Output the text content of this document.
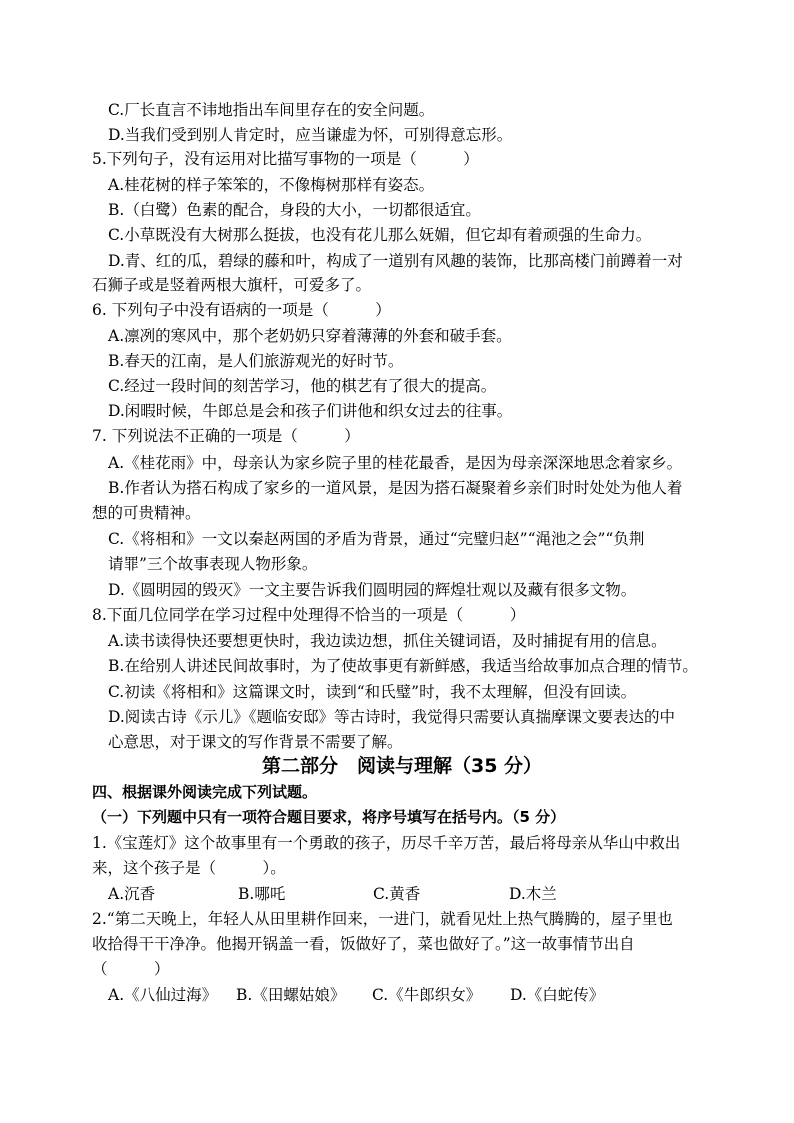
C.厂长直言不讳地指出车间里存在的安全问题。
D.当我们受到别人肯定时，应当谦虚为怀，可别得意忘形。
5.下列句子，没有运用对比描写事物的一项是（　　　）
A.桂花树的样子笨笨的，不像梅树那样有姿态。
B.（白鹭）色素的配合，身段的大小，一切都很适宜。
C.小草既没有大树那么挺拔，也没有花儿那么妩媚，但它却有着顽强的生命力。
D.青、红的瓜，碧绿的藤和叶，构成了一道别有风趣的装饰，比那高楼门前蹲着一对
石狮子或是竖着两根大旗杆，可爱多了。
6. 下列句子中没有语病的一项是（　　　）
A.凛冽的寒风中，那个老奶奶只穿着薄薄的外套和破手套。
B.春天的江南，是人们旅游观光的好时节。
C.经过一段时间的刻苦学习，他的棋艺有了很大的提高。
D.闲暇时候，牛郎总是会和孩子们讲他和织女过去的往事。
7. 下列说法不正确的一项是（　　　）
A.《桂花雨》中，母亲认为家乡院子里的桂花最香，是因为母亲深深地思念着家乡。
B.作者认为搭石构成了家乡的一道风景，是因为搭石凝聚着乡亲们时时处处为他人着
想的可贵精神。
C.《将相和》一文以秦赵两国的矛盾为背景，通过“完璧归赵”“渑池之会”“负荆
请罪”三个故事表现人物形象。
D.《圆明园的毁灭》一文主要告诉我们圆明园的辉煌壮观以及藏有很多文物。
8.下面几位同学在学习过程中处理得不恰当的一项是（　　　）
A.读书读得快还要想更快时，我边读边想，抓住关键词语，及时捕捉有用的信息。
B.在给别人讲述民间故事时，为了使故事更有新鲜感，我适当给故事加点合理的情节。
C.初读《将相和》这篇课文时，读到“和氏璧”时，我不太理解，但没有回读。
D.阅读古诗《示儿》《题临安邸》等古诗时，我觉得只需要认真揣摩课文要表达的中
心意思，对于课文的写作背景不需要了解。
第二部分　阅读与理解（35 分）
四、根据课外阅读完成下列试题。
（一）下列题中只有一项符合题目要求，将序号填写在括号内。（5 分）
1.《宝莲灯》这个故事里有一个勇敢的孩子，历尽千辛万苦，最后将母亲从华山中救出
来，这个孩子是（　　　）。
A.沉香	B.哪吒	C.黄香	D.木兰
2.“第二天晚上，年轻人从田里耕作回来，一进门，就看见灶上热气腾腾的，屋子里也
收拾得干干净净。他揭开锅盖一看，饭做好了，菜也做好了。”这一故事情节出自
（　　　）
A.《八仙过海》 B.《田螺姑娘》 C.《牛郎织女》 D.《白蛇传》
